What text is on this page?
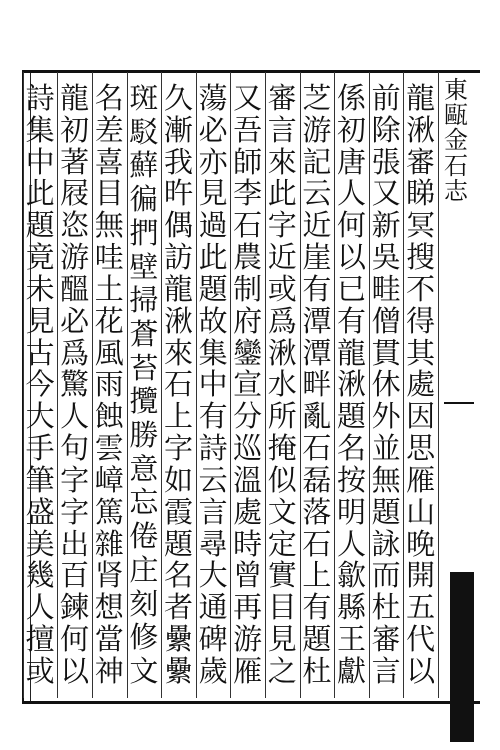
東
甌
金
石
志
龍
湫
審
睇
冥
搜
不
得
其
處
因
思
雁
山
晚
開
五
代
以
前
除
張
又
新
吳
畦
僧
貫
休
外
並
無
題
詠
而
杜
審
言
係
初
唐
人
何
以
已
有
龍
湫
題
名
按
明
人
歙
縣
王
獻
芝
游
記
云
近
崖
有
潭
潭
畔
亂
石
磊
落
石
上
有
題
杜
審
言
來
此
字
近
或
爲
湫
水
所
掩
似
文
定
實
目
見
之
又
吾
師
李
石
農
制
府
鑾
宣
分
巡
溫
處
時
曾
再
游
雁
蕩
必
亦
見
過
此
題
故
集
中
有
詩
云
言
尋
大
通
碑
歲
久
漸
我
旿
偶
訪
龍
湫
來
石
上
字
如
霞
題
名
者
纍
纍
斑
駁
蘚
徧
捫
壁
掃
蒼
苔
攬
勝
意
忘
倦
庄
刻
修
文
名
差
喜
目
無
哇
土
花
風
雨
蝕
雲
嶂
篤
雜
肾
想
當
神
龍
初
著
屐
恣
游
醞
必
爲
驚
人
句
字
字
出
百
鍊
何
以
詩
集
中
此
題
竟
未
見
古
今
大
手
筆
盛
美
幾
人
擅
或
